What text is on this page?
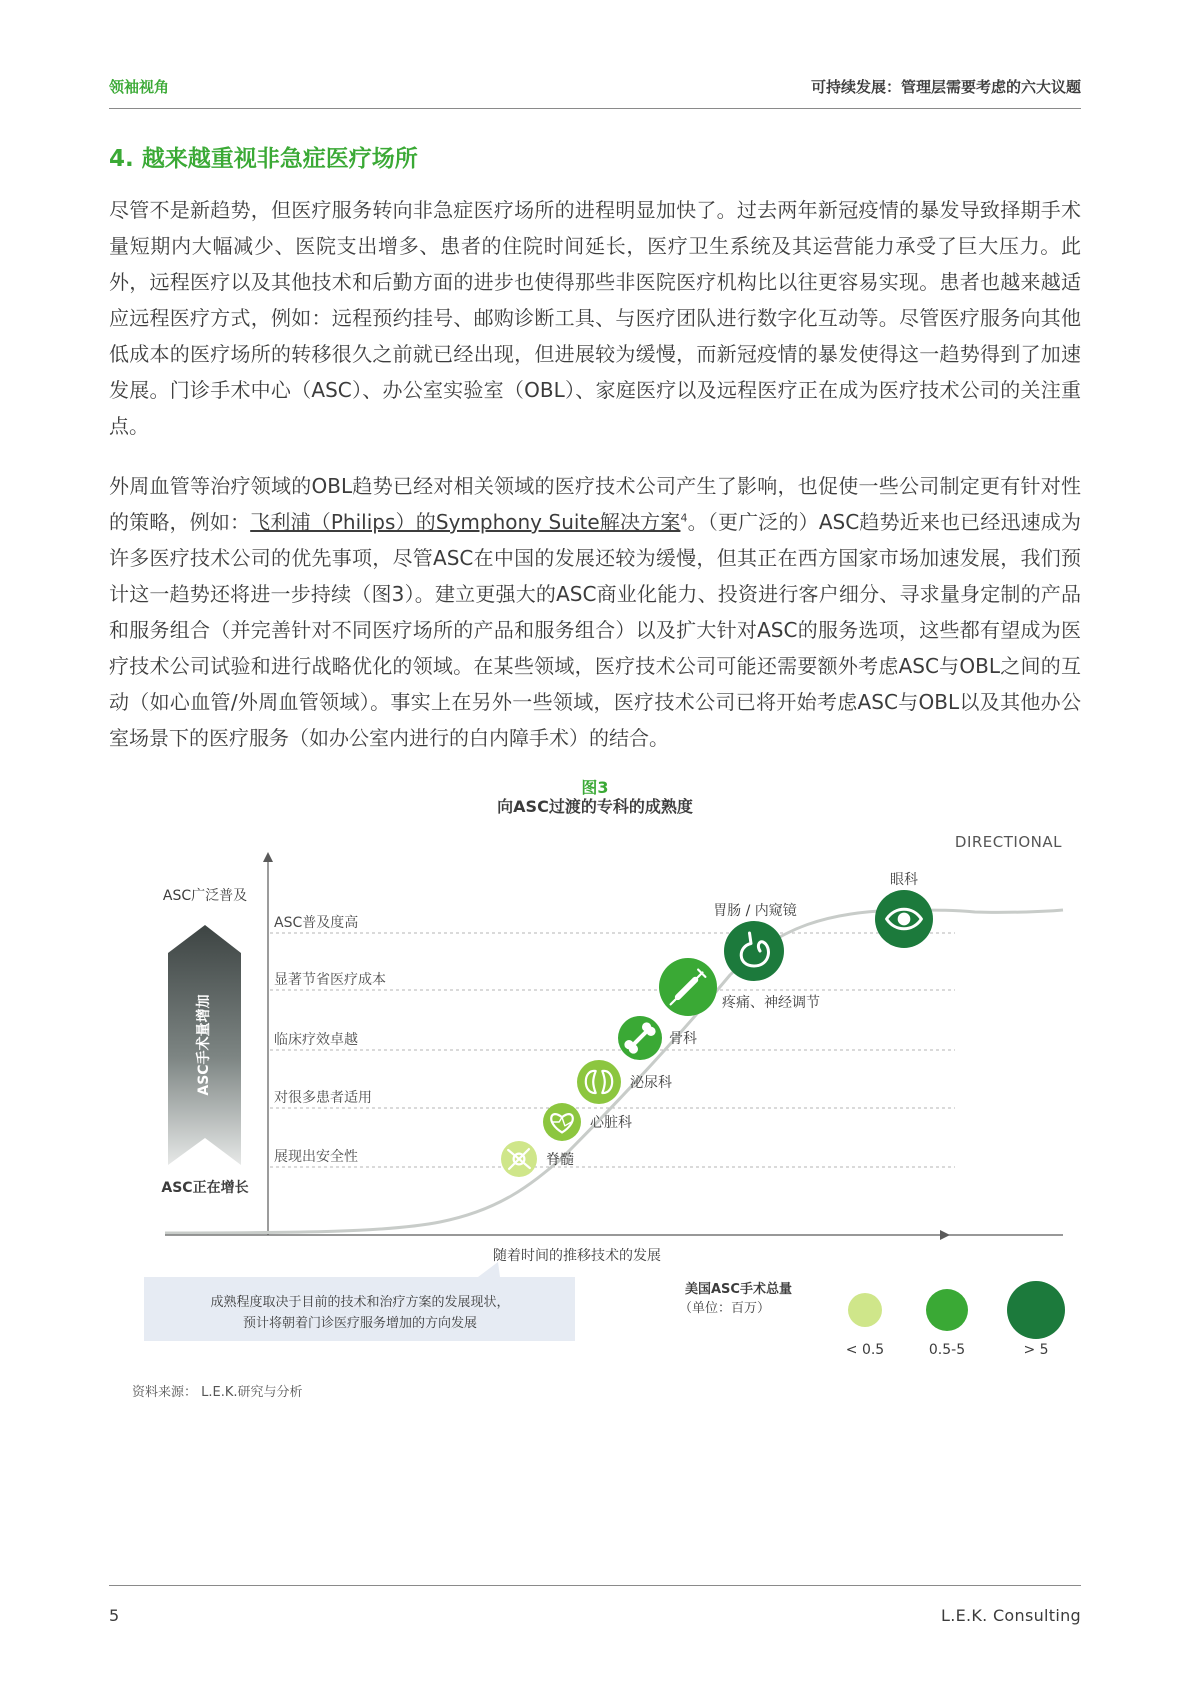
领袖视角	可持续发展：管理层需要考虑的六大议题
4. 越来越重视非急症医疗场所

尽管不是新趋势，但医疗服务转向非急症医疗场所的进程明显加快了。过去两年新冠疫情的暴发导致择期手术量短期内大幅减少、医院支出增多、患者的住院时间延长，医疗卫生系统及其运营能力承受了巨大压力。此外，远程医疗以及其他技术和后勤方面的进步也使得那些非医院医疗机构比以往更容易实现。患者也越来越适应远程医疗方式，例如：远程预约挂号、邮购诊断工具、与医疗团队进行数字化互动等。尽管医疗服务向其他低成本的医疗场所的转移很久之前就已经出现，但进展较为缓慢，而新冠疫情的暴发使得这一趋势得到了加速发展。门诊手术中心（ASC）、办公室实验室（OBL）、家庭医疗以及远程医疗正在成为医疗技术公司的关注重点。

外周血管等治疗领域的OBL趋势已经对相关领域的医疗技术公司产生了影响，也促使一些公司制定更有针对性的策略，例如：飞利浦（Philips）的Symphony Suite解决方案$^4$。（更广泛的）ASC趋势近来也已经迅速成为许多医疗技术公司的优先事项，尽管ASC在中国的发展还较为缓慢，但其正在西方国家市场加速发展，我们预计这一趋势还将进一步持续（图3）。建立更强大的ASC商业化能力、投资进行客户细分、寻求量身定制的产品和服务组合（并完善针对不同医疗场所的产品和服务组合）以及扩大针对ASC的服务选项，这些都有望成为医疗技术公司试验和进行战略优化的领域。在某些领域，医疗技术公司可能还需要额外考虑ASC与OBL之间的互动（如心血管/外周血管领域）。事实上在另外一些领域，医疗技术公司已将开始考虑ASC与OBL以及其他办公室场景下的医疗服务（如办公室内进行的白内障手术）的结合。

图3
向ASC过渡的专科的成熟度
DIRECTIONAL
ASC手术量增加
ASC广泛普及
ASC正在增长
展现出安全性
对很多患者适用
临床疗效卓越
显著节省医疗成本
ASC普及度高
脊髓
心脏科
泌尿科
骨科
疼痛、神经调节
胃肠 / 内窥镜
眼科
随着时间的推移技术的发展
成熟程度取决于目前的技术和治疗方案的发展现状，
预计将朝着门诊医疗服务增加的方向发展
美国ASC手术总量
（单位：百万）
< 0.5	0.5-5	> 5
资料来源： L.E.K.研究与分析
5	L.E.K. Consulting
